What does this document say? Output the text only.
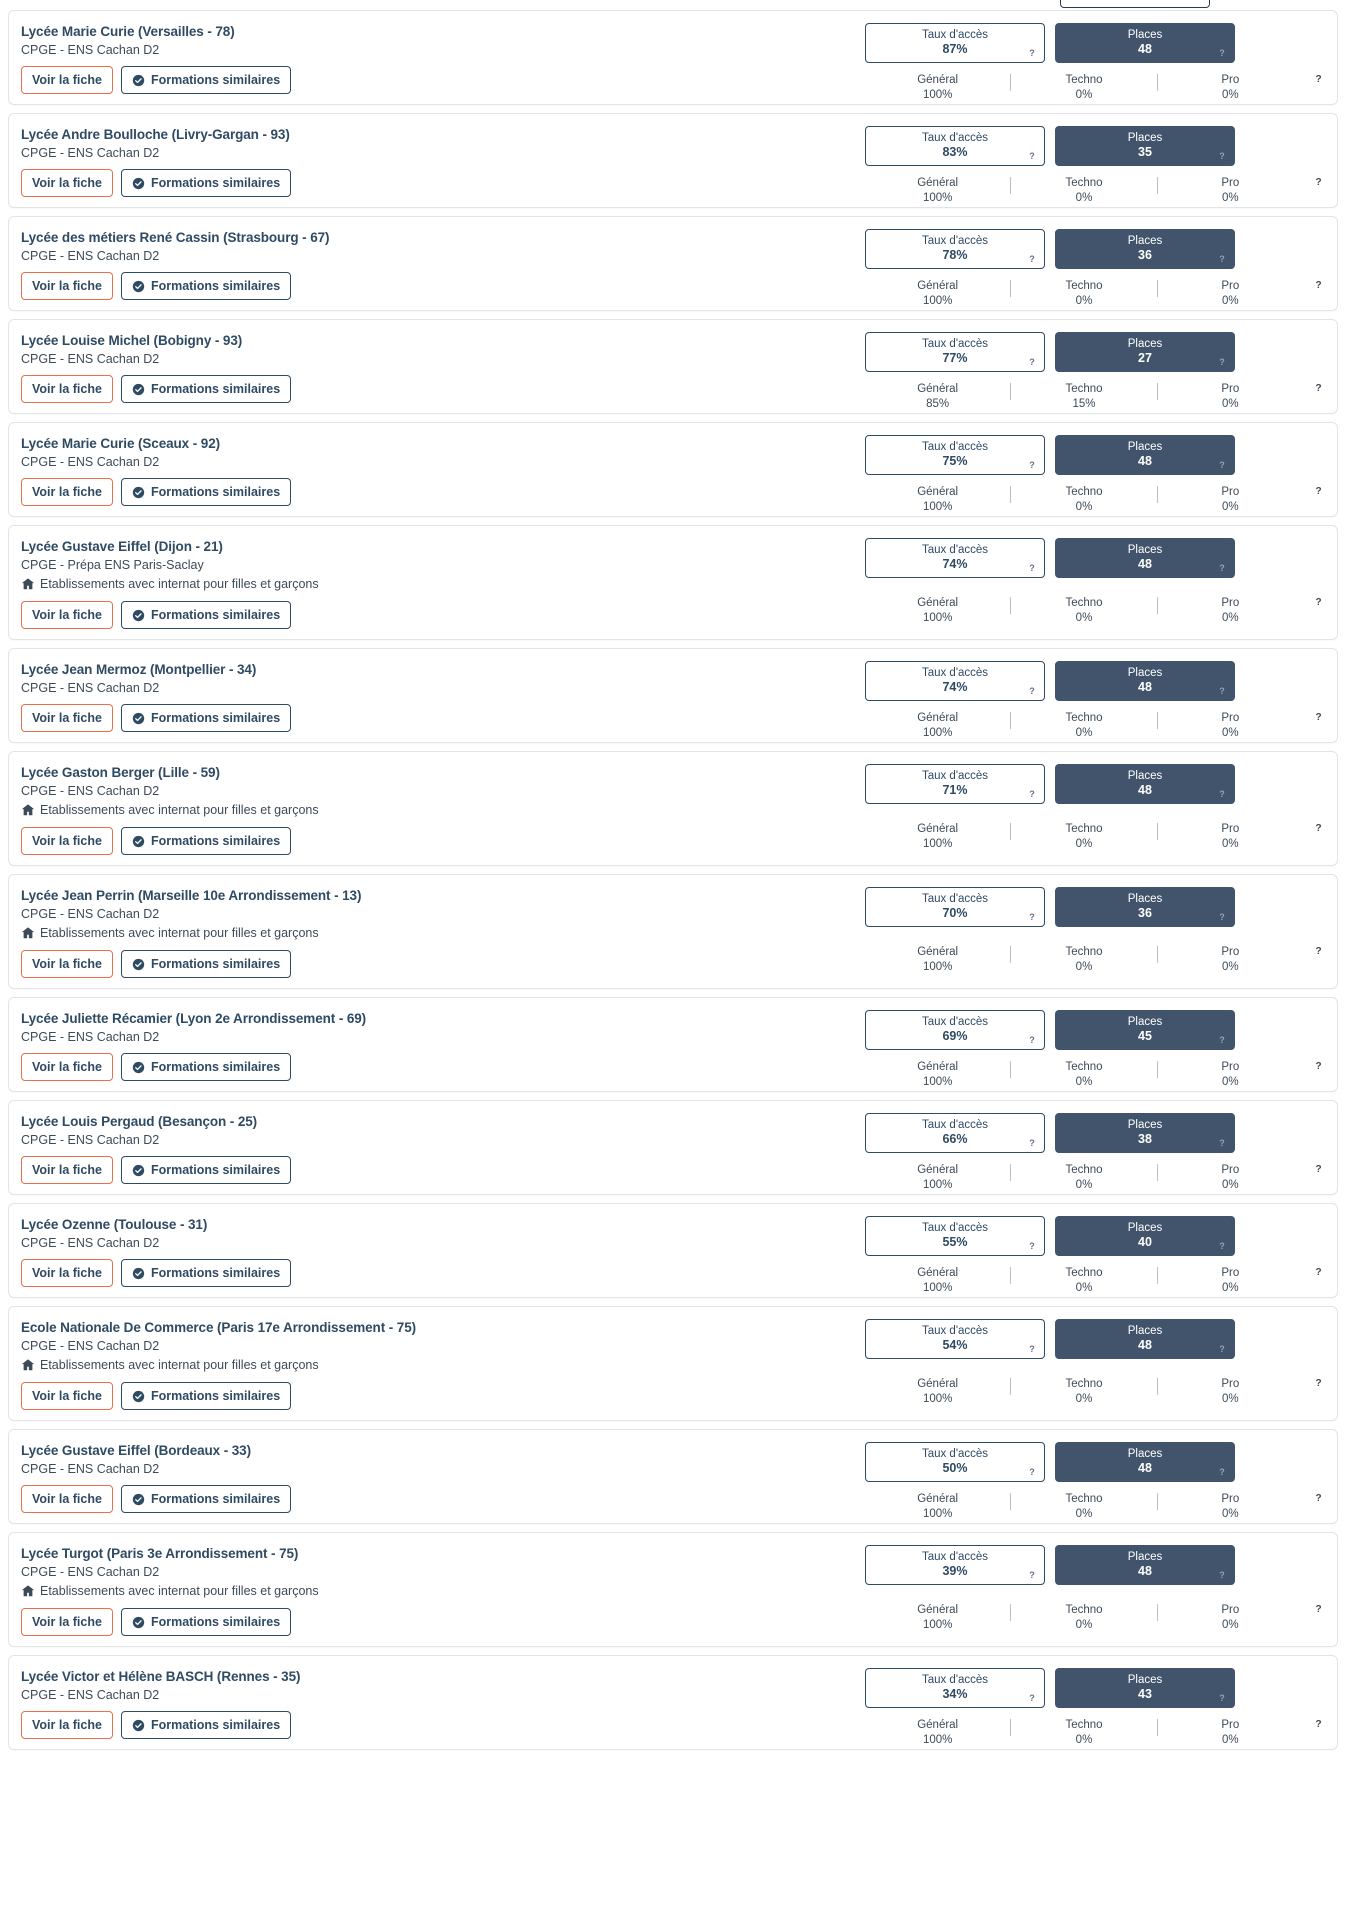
Lycée Marie Curie (Versailles - 78)
CPGE - ENS Cachan D2
Voir la fiche	Formations similaires
Taux d'accès
87%	?
Places
48	?
Général
100%
Techno
0%
Pro
0%
?
Lycée Andre Boulloche (Livry-Gargan - 93)
CPGE - ENS Cachan D2
Voir la fiche	Formations similaires
Taux d'accès
83%	?
Places
35	?
Général
100%
Techno
0%
Pro
0%
?
Lycée des métiers René Cassin (Strasbourg - 67)
CPGE - ENS Cachan D2
Voir la fiche	Formations similaires
Taux d'accès
78%	?
Places
36	?
Général
100%
Techno
0%
Pro
0%
?
Lycée Louise Michel (Bobigny - 93)
CPGE - ENS Cachan D2
Voir la fiche	Formations similaires
Taux d'accès
77%	?
Places
27	?
Général
85%
Techno
15%
Pro
0%
?
Lycée Marie Curie (Sceaux - 92)
CPGE - ENS Cachan D2
Voir la fiche	Formations similaires
Taux d'accès
75%	?
Places
48	?
Général
100%
Techno
0%
Pro
0%
?
Lycée Gustave Eiffel (Dijon - 21)
CPGE - Prépa ENS Paris-Saclay
Etablissements avec internat pour filles et garçons
Voir la fiche	Formations similaires
Taux d'accès
74%	?
Places
48	?
Général
100%
Techno
0%
Pro
0%
?
Lycée Jean Mermoz (Montpellier - 34)
CPGE - ENS Cachan D2
Voir la fiche	Formations similaires
Taux d'accès
74%	?
Places
48	?
Général
100%
Techno
0%
Pro
0%
?
Lycée Gaston Berger (Lille - 59)
CPGE - ENS Cachan D2
Etablissements avec internat pour filles et garçons
Voir la fiche	Formations similaires
Taux d'accès
71%	?
Places
48	?
Général
100%
Techno
0%
Pro
0%
?
Lycée Jean Perrin (Marseille 10e Arrondissement - 13)
CPGE - ENS Cachan D2
Etablissements avec internat pour filles et garçons
Voir la fiche	Formations similaires
Taux d'accès
70%	?
Places
36	?
Général
100%
Techno
0%
Pro
0%
?
Lycée Juliette Récamier (Lyon 2e Arrondissement - 69)
CPGE - ENS Cachan D2
Voir la fiche	Formations similaires
Taux d'accès
69%	?
Places
45	?
Général
100%
Techno
0%
Pro
0%
?
Lycée Louis Pergaud (Besançon - 25)
CPGE - ENS Cachan D2
Voir la fiche	Formations similaires
Taux d'accès
66%	?
Places
38	?
Général
100%
Techno
0%
Pro
0%
?
Lycée Ozenne (Toulouse - 31)
CPGE - ENS Cachan D2
Voir la fiche	Formations similaires
Taux d'accès
55%	?
Places
40	?
Général
100%
Techno
0%
Pro
0%
?
Ecole Nationale De Commerce (Paris 17e Arrondissement - 75)
CPGE - ENS Cachan D2
Etablissements avec internat pour filles et garçons
Voir la fiche	Formations similaires
Taux d'accès
54%	?
Places
48	?
Général
100%
Techno
0%
Pro
0%
?
Lycée Gustave Eiffel (Bordeaux - 33)
CPGE - ENS Cachan D2
Voir la fiche	Formations similaires
Taux d'accès
50%	?
Places
48	?
Général
100%
Techno
0%
Pro
0%
?
Lycée Turgot (Paris 3e Arrondissement - 75)
CPGE - ENS Cachan D2
Etablissements avec internat pour filles et garçons
Voir la fiche	Formations similaires
Taux d'accès
39%	?
Places
48	?
Général
100%
Techno
0%
Pro
0%
?
Lycée Victor et Hélène BASCH (Rennes - 35)
CPGE - ENS Cachan D2
Voir la fiche	Formations similaires
Taux d'accès
34%	?
Places
43	?
Général
100%
Techno
0%
Pro
0%
?
